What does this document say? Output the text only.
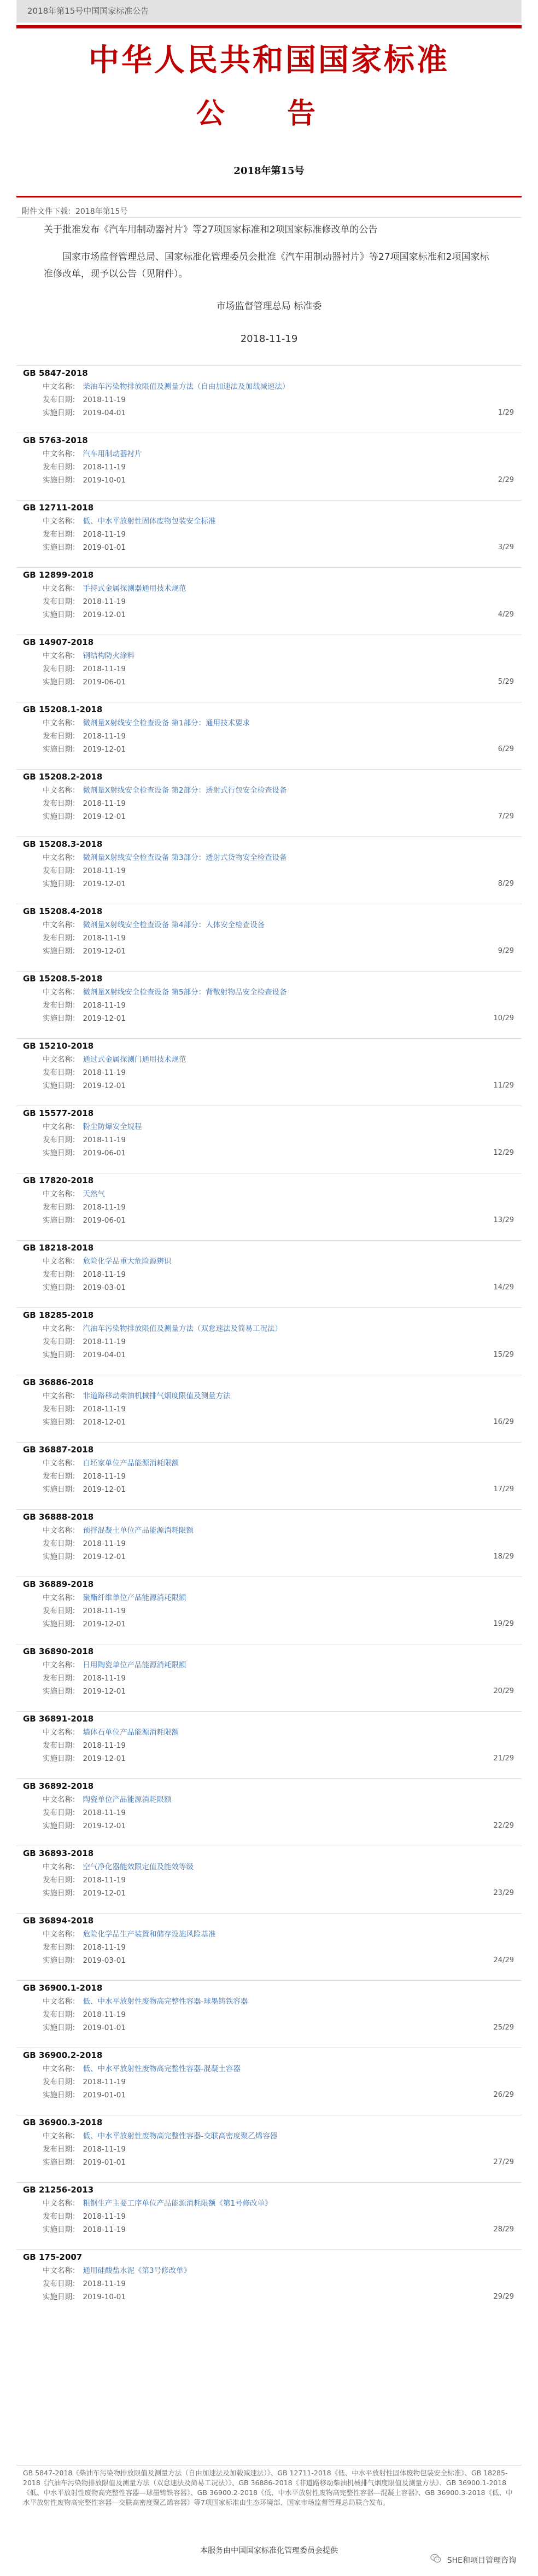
2018年第15号中国国家标准公告
中华人民共和国国家标准
公 告
2018年第15号
附件文件下载：2018年第15号
关于批准发布《汽车用制动器衬片》等27项国家标准和2项国家标准修改单的公告
国家市场监督管理总局、国家标准化管理委员会批准《汽车用制动器衬片》等27项国家标准和2项国家标准修改单，现予以公告（见附件）。
市场监督管理总局 标准委
2018-11-19
GB 5847-2018
中文名称： 柴油车污染物排放限值及测量方法（自由加速法及加载减速法）
发布日期： 2018-11-19
实施日期： 2019-04-01	1/29
GB 5763-2018
中文名称： 汽车用制动器衬片
发布日期： 2018-11-19
实施日期： 2019-10-01	2/29
GB 12711-2018
中文名称： 低、中水平放射性固体废物包装安全标准
发布日期： 2018-11-19
实施日期： 2019-01-01	3/29
GB 12899-2018
中文名称： 手持式金属探测器通用技术规范
发布日期： 2018-11-19
实施日期： 2019-12-01	4/29
GB 14907-2018
中文名称： 钢结构防火涂料
发布日期： 2018-11-19
实施日期： 2019-06-01	5/29
GB 15208.1-2018
中文名称： 微剂量X射线安全检查设备 第1部分：通用技术要求
发布日期： 2018-11-19
实施日期： 2019-12-01	6/29
GB 15208.2-2018
中文名称： 微剂量X射线安全检查设备 第2部分：透射式行包安全检查设备
发布日期： 2018-11-19
实施日期： 2019-12-01	7/29
GB 15208.3-2018
中文名称： 微剂量X射线安全检查设备 第3部分：透射式货物安全检查设备
发布日期： 2018-11-19
实施日期： 2019-12-01	8/29
GB 15208.4-2018
中文名称： 微剂量X射线安全检查设备 第4部分：人体安全检查设备
发布日期： 2018-11-19
实施日期： 2019-12-01	9/29
GB 15208.5-2018
中文名称： 微剂量X射线安全检查设备 第5部分：背散射物品安全检查设备
发布日期： 2018-11-19
实施日期： 2019-12-01	10/29
GB 15210-2018
中文名称： 通过式金属探测门通用技术规范
发布日期： 2018-11-19
实施日期： 2019-12-01	11/29
GB 15577-2018
中文名称： 粉尘防爆安全规程
发布日期： 2018-11-19
实施日期： 2019-06-01	12/29
GB 17820-2018
中文名称： 天然气
发布日期： 2018-11-19
实施日期： 2019-06-01	13/29
GB 18218-2018
中文名称： 危险化学品重大危险源辨识
发布日期： 2018-11-19
实施日期： 2019-03-01	14/29
GB 18285-2018
中文名称： 汽油车污染物排放限值及测量方法（双怠速法及简易工况法）
发布日期： 2018-11-19
实施日期： 2019-04-01	15/29
GB 36886-2018
中文名称： 非道路移动柴油机械排气烟度限值及测量方法
发布日期： 2018-11-19
实施日期： 2018-12-01	16/29
GB 36887-2018
中文名称： 白坯家单位产品能源消耗限额
发布日期： 2018-11-19
实施日期： 2019-12-01	17/29
GB 36888-2018
中文名称： 预拌混凝土单位产品能源消耗限额
发布日期： 2018-11-19
实施日期： 2019-12-01	18/29
GB 36889-2018
中文名称： 聚酯纤维单位产品能源消耗限额
发布日期： 2018-11-19
实施日期： 2019-12-01	19/29
GB 36890-2018
中文名称： 日用陶瓷单位产品能源消耗限额
发布日期： 2018-11-19
实施日期： 2019-12-01	20/29
GB 36891-2018
中文名称： 墙体石单位产品能源消耗限额
发布日期： 2018-11-19
实施日期： 2019-12-01	21/29
GB 36892-2018
中文名称： 陶瓷单位产品能源消耗限额
发布日期： 2018-11-19
实施日期： 2019-12-01	22/29
GB 36893-2018
中文名称： 空气净化器能效限定值及能效等级
发布日期： 2018-11-19
实施日期： 2019-12-01	23/29
GB 36894-2018
中文名称： 危险化学品生产装置和储存设施风险基准
发布日期： 2018-11-19
实施日期： 2019-03-01	24/29
GB 36900.1-2018
中文名称： 低、中水平放射性废物高完整性容器-球墨铸铁容器
发布日期： 2018-11-19
实施日期： 2019-01-01	25/29
GB 36900.2-2018
中文名称： 低、中水平放射性废物高完整性容器-混凝土容器
发布日期： 2018-11-19
实施日期： 2019-01-01	26/29
GB 36900.3-2018
中文名称： 低、中水平放射性废物高完整性容器-交联高密度聚乙烯容器
发布日期： 2018-11-19
实施日期： 2019-01-01	27/29
GB 21256-2013
中文名称： 粗钢生产主要工序单位产品能源消耗限额《第1号修改单》
发布日期： 2018-11-19
实施日期： 2018-11-19	28/29
GB 175-2007
中文名称： 通用硅酸盐水泥《第3号修改单》
发布日期： 2018-11-19
实施日期： 2019-10-01	29/29
GB 5847-2018《柴油车污染物排放限值及测量方法（自由加速法及加载减速法）》、GB 12711-2018《低、中水平放射性固体废物包装安全标准》、GB 18285-2018《汽油车污染物排放限值及测量方法（双怠速法及简易工况法）》、GB 36886-2018《非道路移动柴油机械排气烟度限值及测量方法》、GB 36900.1-2018《低、中水平放射性废物高完整性容器—球墨铸铁容器》、GB 36900.2-2018《低、中水平放射性废物高完整性容器—混凝土容器》、GB 36900.3-2018《低、中水平放射性废物高完整性容器—交联高密度聚乙烯容器》等7项国家标准由生态环境部、国家市场监督管理总局联合发布。
本服务由中国国家标准化管理委员会提供
SHE和项目管理咨询
